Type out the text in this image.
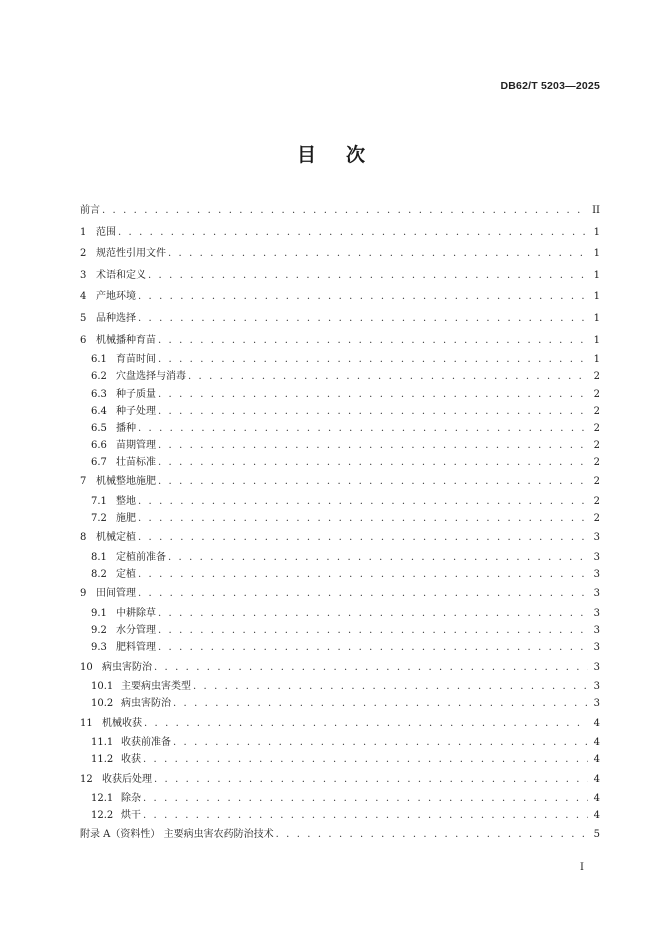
DB62/T 5203—2025
目次
前言 . . .	II
1 范围 . . .	1
2 规范性引用文件 . . .	1
3 术语和定义 . . .	1
4 产地环境 . . .	1
5 品种选择 . . .	1
6 机械播种育苗 . . .	1
6.1 育苗时间 . . .	1
6.2 穴盘选择与消毒 . . .	2
6.3 种子质量 . . .	2
6.4 种子处理 . . .	2
6.5 播种 . . .	2
6.6 苗期管理 . . .	2
6.7 壮苗标准 . . .	2
7 机械整地施肥 . . .	2
7.1 整地 . . .	2
7.2 施肥 . . .	2
8 机械定植 . . .	3
8.1 定植前准备 . . .	3
8.2 定植 . . .	3
9 田间管理 . . .	3
9.1 中耕除草 . . .	3
9.2 水分管理 . . .	3
9.3 肥料管理 . . .	3
10 病虫害防治 . . .	3
10.1 主要病虫害类型 . . .	3
10.2 病虫害防治 . . .	3
11 机械收获 . . .	4
11.1 收获前准备 . . .	4
11.2 收获 . . .	4
12 收获后处理 . . .	4
12.1 除杂 . . .	4
12.2 烘干 . . .	4
附录 A（资料性） 主要病虫害农药防治技术 . . .	5
I
